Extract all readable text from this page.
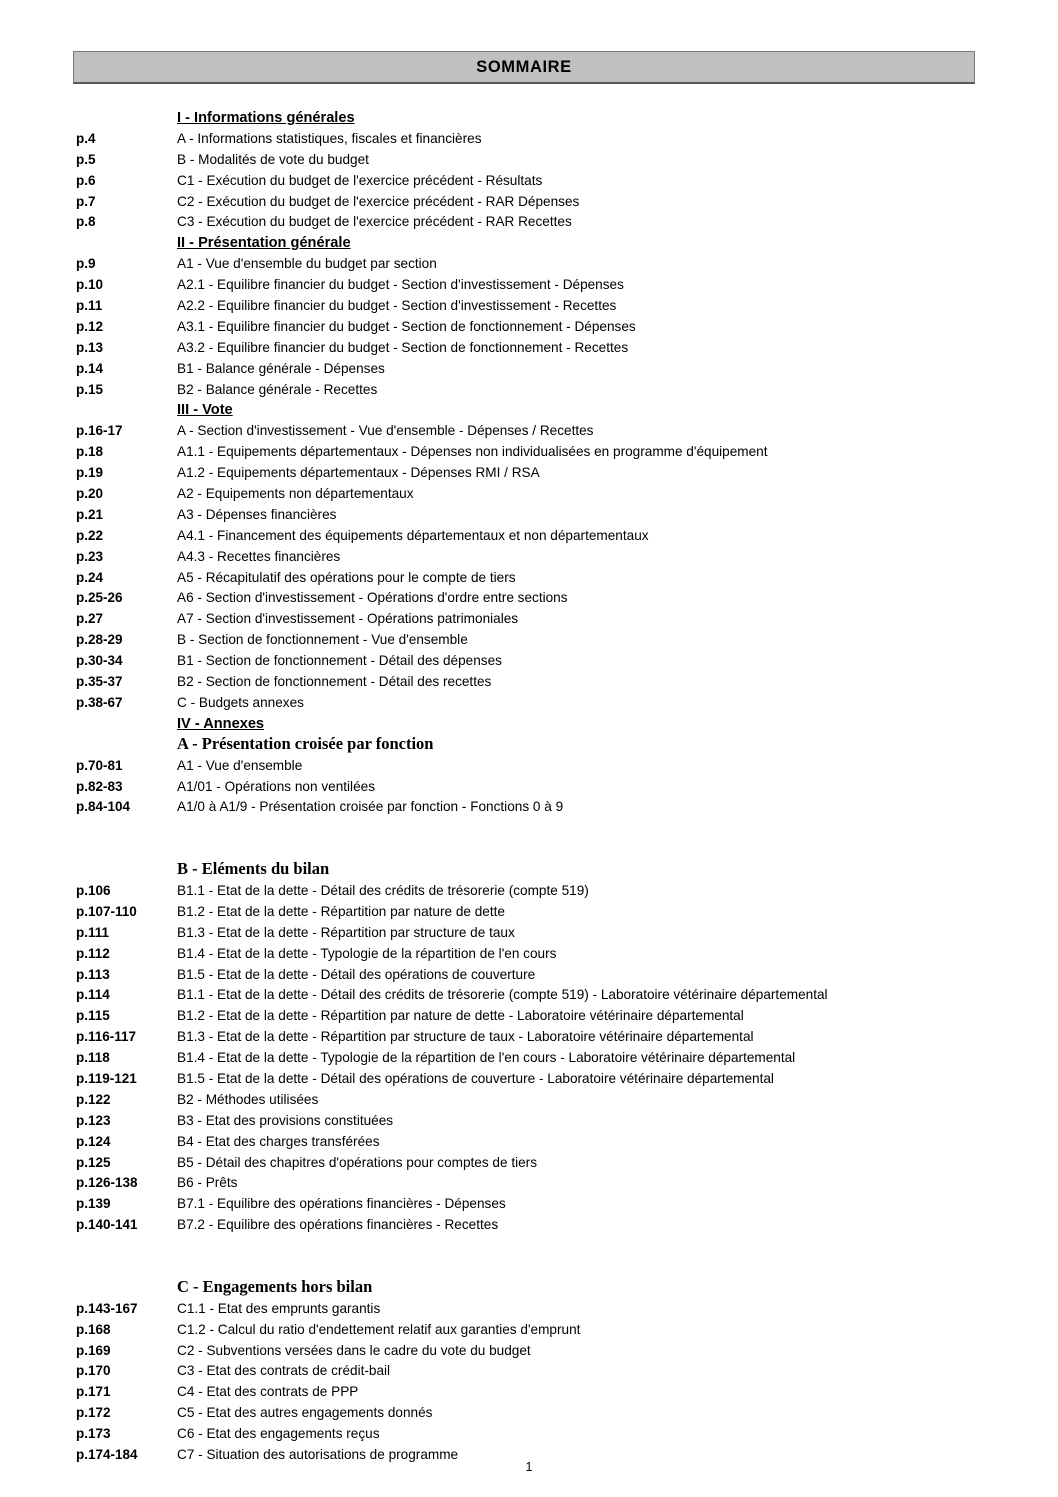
SOMMAIRE
I - Informations générales
p.4	A - Informations statistiques, fiscales et financières
p.5	B - Modalités de vote du budget
p.6	C1 - Exécution du budget de l'exercice précédent - Résultats
p.7	C2 - Exécution du budget de l'exercice précédent - RAR Dépenses
p.8	C3 - Exécution du budget de l'exercice précédent - RAR Recettes
II - Présentation générale
p.9	A1 - Vue d'ensemble du budget par section
p.10	A2.1 - Equilibre financier du budget - Section d'investissement - Dépenses
p.11	A2.2 - Equilibre financier du budget - Section d'investissement - Recettes
p.12	A3.1 - Equilibre financier du budget - Section de fonctionnement - Dépenses
p.13	A3.2 - Equilibre financier du budget - Section de fonctionnement - Recettes
p.14	B1 - Balance générale - Dépenses
p.15	B2 - Balance générale - Recettes
III - Vote
p.16-17	A - Section d'investissement - Vue d'ensemble - Dépenses / Recettes
p.18	A1.1 - Equipements départementaux - Dépenses non individualisées en programme d'équipement
p.19	A1.2 - Equipements départementaux - Dépenses RMI / RSA
p.20	A2 - Equipements non départementaux
p.21	A3 - Dépenses financières
p.22	A4.1 - Financement des équipements départementaux et non départementaux
p.23	A4.3 - Recettes financières
p.24	A5 - Récapitulatif des opérations pour le compte de tiers
p.25-26	A6 - Section d'investissement - Opérations d'ordre entre sections
p.27	A7 - Section d'investissement - Opérations patrimoniales
p.28-29	B - Section de fonctionnement - Vue d'ensemble
p.30-34	B1 - Section de fonctionnement - Détail des dépenses
p.35-37	B2 - Section de fonctionnement - Détail des recettes
p.38-67	C - Budgets annexes
IV - Annexes
A - Présentation croisée par fonction
p.70-81	A1 - Vue d'ensemble
p.82-83	A1/01 - Opérations non ventilées
p.84-104	A1/0 à A1/9 - Présentation croisée par fonction - Fonctions 0 à 9
B - Eléments du bilan
p.106	B1.1 - Etat de la dette - Détail des crédits de trésorerie (compte 519)
p.107-110	B1.2 - Etat de la dette - Répartition par nature de dette
p.111	B1.3 - Etat de la dette - Répartition par structure de taux
p.112	B1.4 - Etat de la dette - Typologie de la répartition de l'en cours
p.113	B1.5 - Etat de la dette - Détail des opérations de couverture
p.114	B1.1 - Etat de la dette - Détail des crédits de trésorerie (compte 519) - Laboratoire vétérinaire départemental
p.115	B1.2 - Etat de la dette - Répartition par nature de dette - Laboratoire vétérinaire départemental
p.116-117	B1.3 - Etat de la dette - Répartition par structure de taux - Laboratoire vétérinaire départemental
p.118	B1.4 - Etat de la dette - Typologie de la répartition de l'en cours - Laboratoire vétérinaire départemental
p.119-121	B1.5 - Etat de la dette - Détail des opérations de couverture - Laboratoire vétérinaire départemental
p.122	B2 - Méthodes utilisées
p.123	B3 - Etat des provisions constituées
p.124	B4 - Etat des charges transférées
p.125	B5 - Détail des chapitres d'opérations pour comptes de tiers
p.126-138	B6 - Prêts
p.139	B7.1 - Equilibre des opérations financières - Dépenses
p.140-141	B7.2 - Equilibre des opérations financières - Recettes
C - Engagements hors bilan
p.143-167	C1.1 - Etat des emprunts garantis
p.168	C1.2 - Calcul du ratio d'endettement relatif aux garanties d'emprunt
p.169	C2 - Subventions versées dans le cadre du vote du budget
p.170	C3 - Etat des contrats de crédit-bail
p.171	C4 - Etat des contrats de PPP
p.172	C5 - Etat des autres engagements donnés
p.173	C6 - Etat des engagements reçus
p.174-184	C7 - Situation des autorisations de programme
1
